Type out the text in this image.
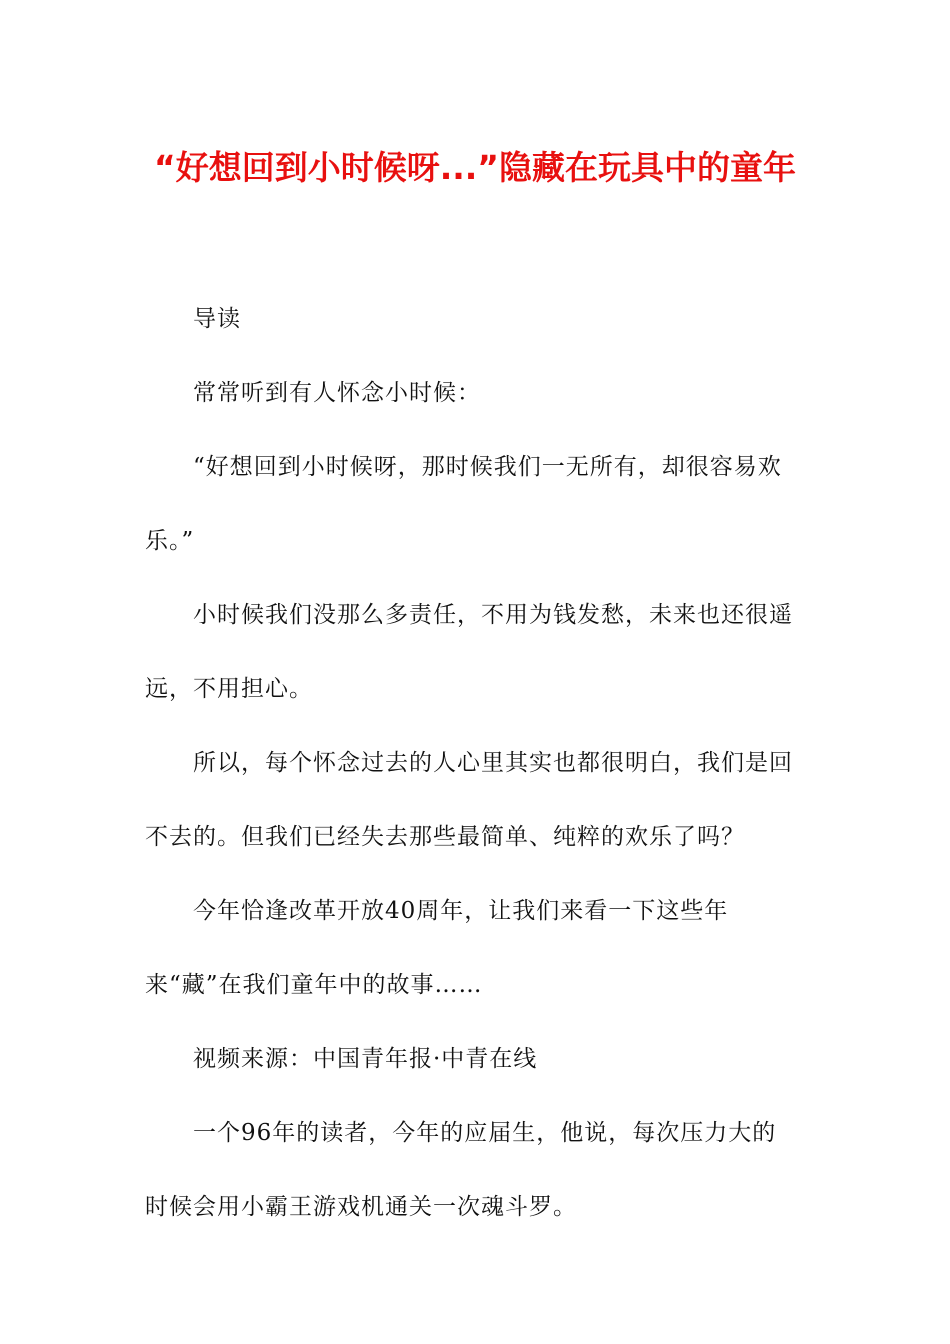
“好想回到小时候呀...”隐藏在玩具中的童年

导读

常常听到有人怀念小时候：

“好想回到小时候呀，那时候我们一无所有，却很容易欢乐。”

小时候我们没那么多责任，不用为钱发愁，未来也还很遥远，不用担心。

所以，每个怀念过去的人心里其实也都很明白，我们是回不去的。但我们已经失去那些最简单、纯粹的欢乐了吗？

今年恰逢改革开放40周年，让我们来看一下这些年来“藏”在我们童年中的故事……

视频来源：中国青年报·中青在线

一个96年的读者，今年的应届生，他说，每次压力大的时候会用小霸王游戏机通关一次魂斗罗。
